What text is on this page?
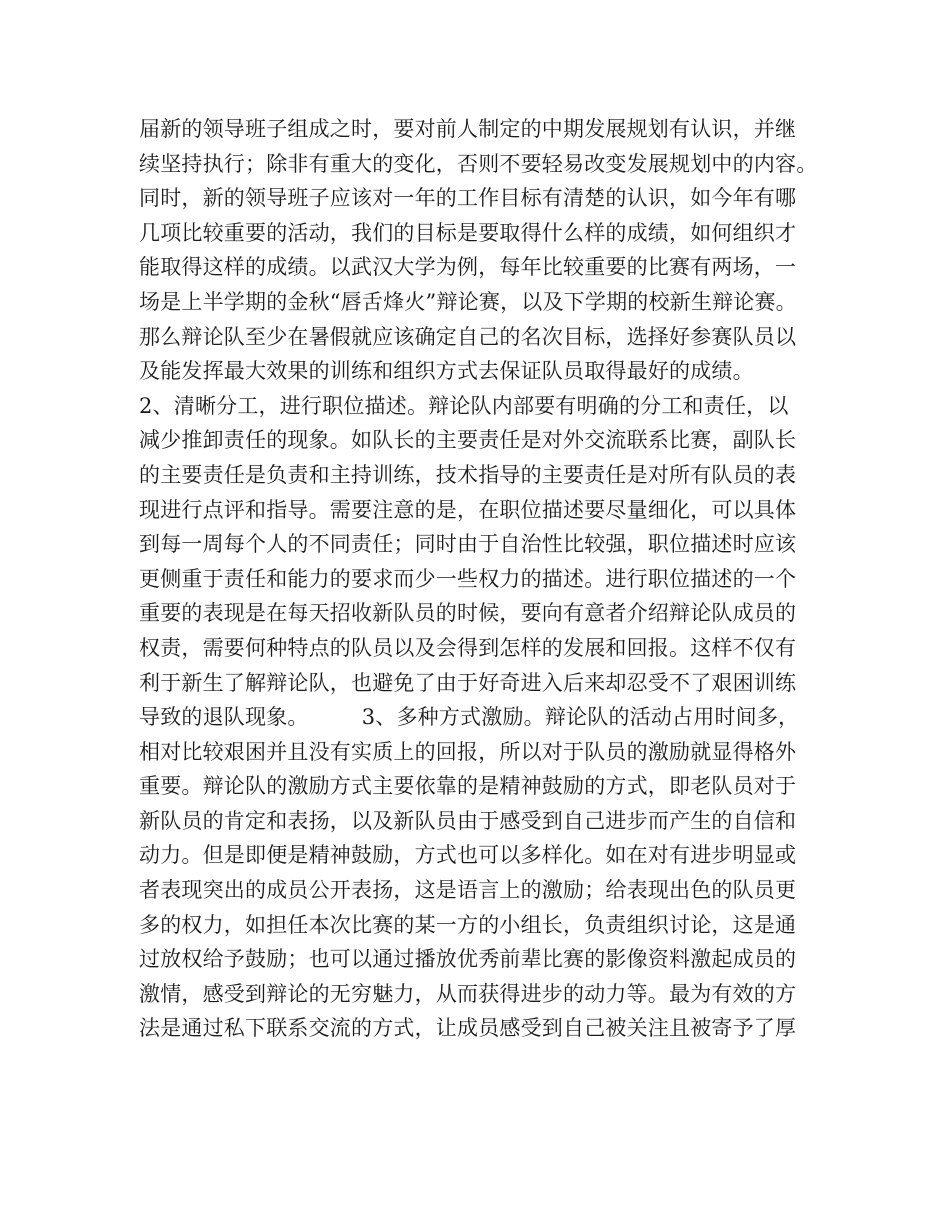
届新的领导班子组成之时，要对前人制定的中期发展规划有认识，并继
续坚持执行；除非有重大的变化，否则不要轻易改变发展规划中的内容。
同时，新的领导班子应该对一年的工作目标有清楚的认识，如今年有哪
几项比较重要的活动，我们的目标是要取得什么样的成绩，如何组织才
能取得这样的成绩。以武汉大学为例，每年比较重要的比赛有两场，一
场是上半学期的金秋“唇舌烽火”辩论赛，以及下学期的校新生辩论赛。
那么辩论队至少在暑假就应该确定自己的名次目标，选择好参赛队员以
及能发挥最大效果的训练和组织方式去保证队员取得最好的成绩。
2、清晰分工，进行职位描述。辩论队内部要有明确的分工和责任，以
减少推卸责任的现象。如队长的主要责任是对外交流联系比赛，副队长
的主要责任是负责和主持训练，技术指导的主要责任是对所有队员的表
现进行点评和指导。需要注意的是，在职位描述要尽量细化，可以具体
到每一周每个人的不同责任；同时由于自治性比较强，职位描述时应该
更侧重于责任和能力的要求而少一些权力的描述。进行职位描述的一个
重要的表现是在每天招收新队员的时候，要向有意者介绍辩论队成员的
权责，需要何种特点的队员以及会得到怎样的发展和回报。这样不仅有
利于新生了解辩论队，也避免了由于好奇进入后来却忍受不了艰困训练
导致的退队现象。　　　3、多种方式激励。辩论队的活动占用时间多，
相对比较艰困并且没有实质上的回报，所以对于队员的激励就显得格外
重要。辩论队的激励方式主要依靠的是精神鼓励的方式，即老队员对于
新队员的肯定和表扬，以及新队员由于感受到自己进步而产生的自信和
动力。但是即便是精神鼓励，方式也可以多样化。如在对有进步明显或
者表现突出的成员公开表扬，这是语言上的激励；给表现出色的队员更
多的权力，如担任本次比赛的某一方的小组长，负责组织讨论，这是通
过放权给予鼓励；也可以通过播放优秀前辈比赛的影像资料激起成员的
激情，感受到辩论的无穷魅力，从而获得进步的动力等。最为有效的方
法是通过私下联系交流的方式，让成员感受到自己被关注且被寄予了厚
